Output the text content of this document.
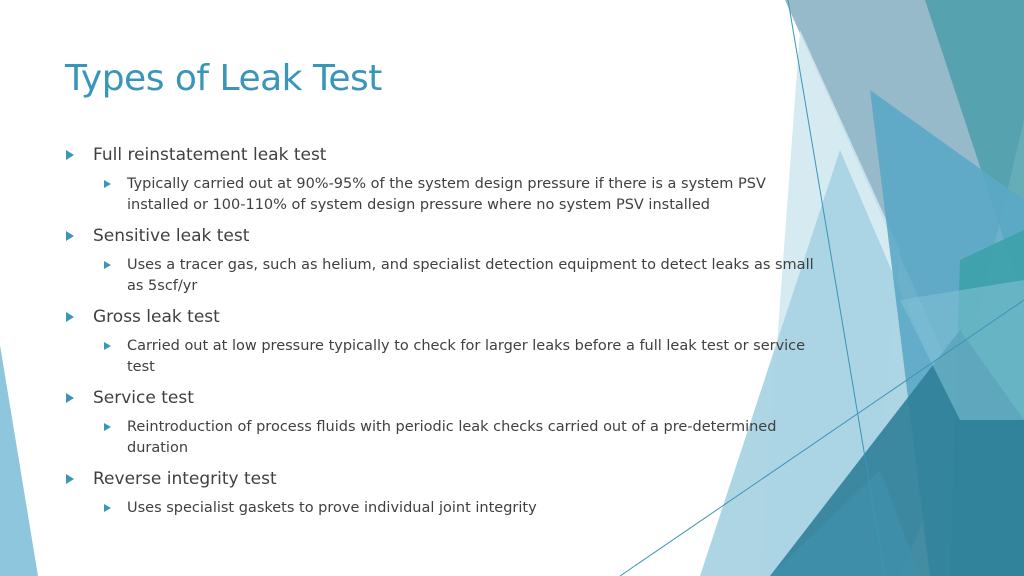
Types of Leak Test
Full reinstatement leak test
Typically carried out at 90%-95% of the system design pressure if there is a system PSV installed or 100-110% of system design pressure where no system PSV installed
Sensitive leak test
Uses a tracer gas, such as helium, and specialist detection equipment to detect leaks as small as 5scf/yr
Gross leak test
Carried out at low pressure typically to check for larger leaks before a full leak test or service test
Service test
Reintroduction of process fluids with periodic leak checks carried out of a pre-determined duration
Reverse integrity test
Uses specialist gaskets to prove individual joint integrity
